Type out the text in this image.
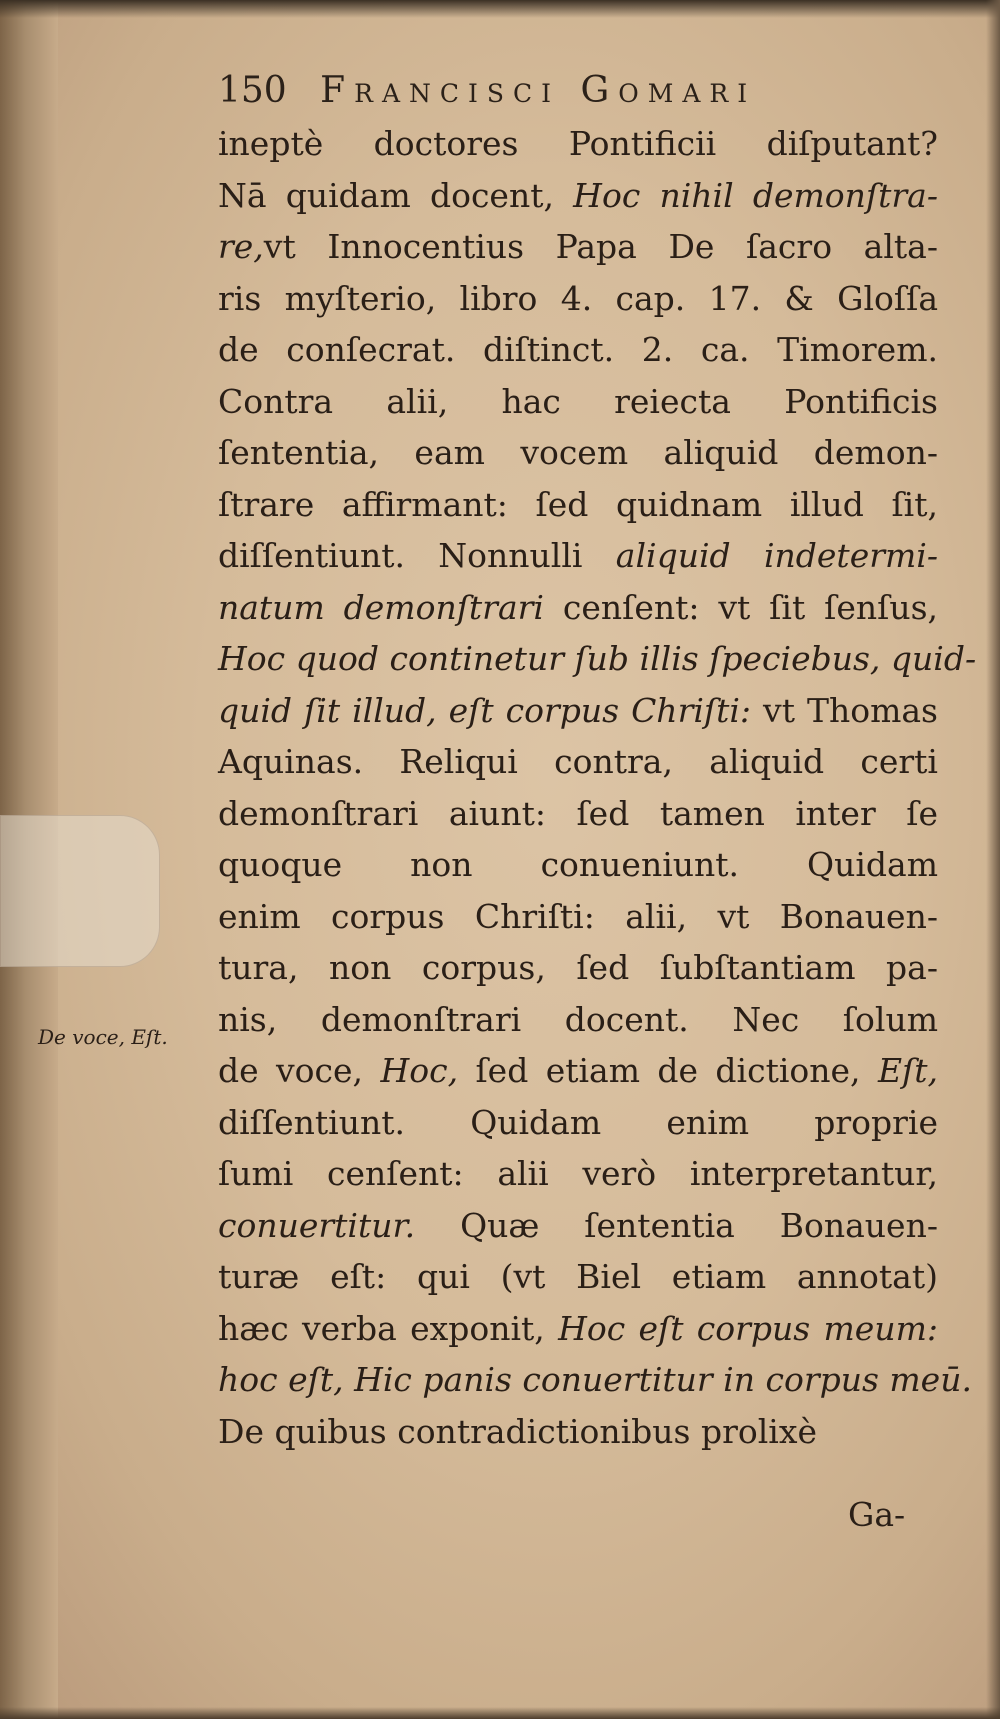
150 Francisci Gomari
ineptè doctores Pontificii diſputant?
Nā quidam docent, Hoc nihil demonſtra-
re,vt Innocentius Papa De ſacro alta-
ris myſterio, libro 4. cap. 17. & Gloſſa
de conſecrat. diſtinct. 2. ca. Timorem.
Contra alii, hac reiecta Pontificis
ſententia, eam vocem aliquid demon-
ſtrare affirmant: ſed quidnam illud ſit,
diſſentiunt. Nonnulli aliquid indetermi-
natum demonſtrari cenſent: vt ſit ſenſus,
Hoc quod continetur ſub illis ſpeciebus, quid-
quid ſit illud, eſt corpus Chriſti: vt Thomas
Aquinas. Reliqui contra, aliquid certi
demonſtrari aiunt: ſed tamen inter ſe
quoque non conueniunt. Quidam
enim corpus Chriſti: alii, vt Bonauen-
tura, non corpus, ſed ſubſtantiam pa-
nis, demonſtrari docent. Nec ſolum
de voce, Hoc, ſed etiam de dictione, Eſt,
diſſentiunt. Quidam enim proprie
ſumi cenſent: alii verò interpretantur,
conuertitur. Quæ ſententia Bonauen-
turæ eſt: qui (vt Biel etiam annotat)
hæc verba exponit, Hoc eſt corpus meum:
hoc eſt, Hic panis conuertitur in corpus meū.
De quibus contradictionibus prolixè
De voce, Eſt.
Ga-
